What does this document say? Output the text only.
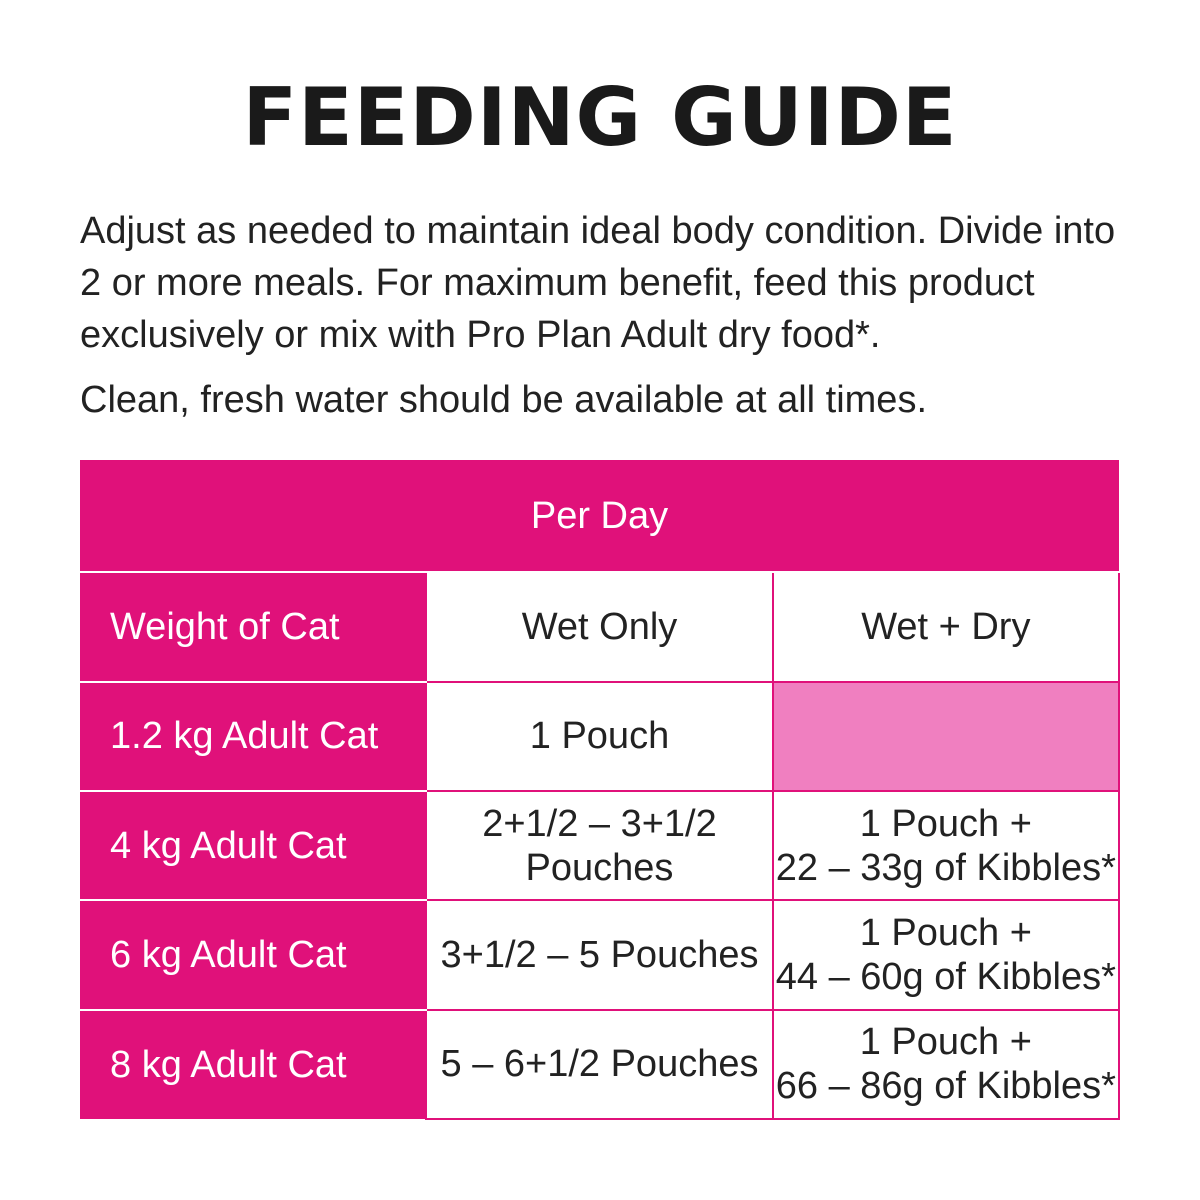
FEEDING GUIDE

Adjust as needed to maintain ideal body condition. Divide into 2 or more meals. For maximum benefit, feed this product exclusively or mix with Pro Plan Adult dry food*.

Clean, fresh water should be available at all times.

Per Day		
Weight of Cat	Wet Only	Wet + Dry
1.2 kg Adult Cat	1 Pouch	
4 kg Adult Cat	2+1/2 – 3+1/2 Pouches	1 Pouch +
22 – 33g of Kibbles*

6 kg Adult Cat	3+1/2 – 5 Pouches	1 Pouch +
44 – 60g of Kibbles*

8 kg Adult Cat	5 – 6+1/2 Pouches	1 Pouch +
66 – 86g of Kibbles*
